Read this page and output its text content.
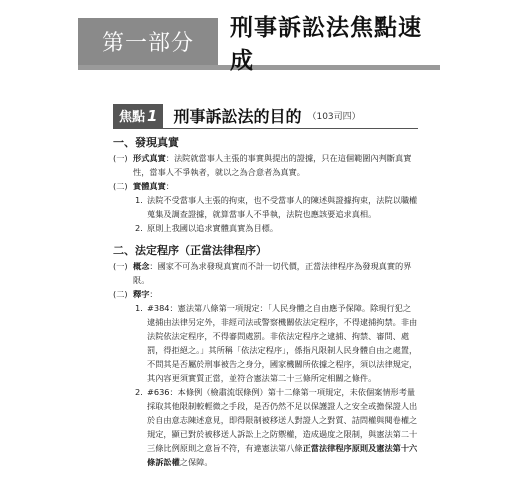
第一部分
刑事訴訟法焦點速成
焦點 1 刑事訴訟法的目的 （103司四）
一、發現真實
(一) 形式真實：法院就當事人主張的事實與提出的證據，只在這個範圍內判斷真實性，當事人不爭執者，就以之為合意者為真實。
(二) 實體真實：
1. 法院不受當事人主張的拘束，也不受當事人的陳述與證據拘束，法院以職權蒐集及調查證據，就算當事人不爭執，法院也應該要追求真相。
2. 原則上我國以追求實體真實為目標。
二、法定程序（正當法律程序）
(一) 概念：國家不可為求發現真實而不計一切代價，正當法律程序為發現真實的界限。
(二) 釋字：
1. #384：憲法第八條第一項規定：「人民身體之自由應予保障。除現行犯之逮捕由法律另定外，非經司法或警察機關依法定程序，不得逮捕拘禁。非由法院依法定程序，不得審問處罰。非依法定程序之逮捕、拘禁、審問、處罰，得拒絕之。」其所稱「依法定程序」，係指凡限制人民身體自由之處置，不問其是否屬於刑事被告之身分，國家機關所依據之程序，須以法律規定，其內容更須實質正當，並符合憲法第二十三條所定相關之條件。
2. #636：本條例（檢肅流氓條例）第十二條第一項規定，未依個案情形考量採取其他限制較輕微之手段，是否仍然不足以保護證人之安全或擔保證人出於自由意志陳述意見，即得限制被移送人對證人之對質、詰問權與閱卷權之規定，顯已對於被移送人訴訟上之防禦權，造成過度之限制，與憲法第二十三條比例原則之意旨不符，有違憲法第八條正當法律程序原則及憲法第十六條訴訟權之保障。
